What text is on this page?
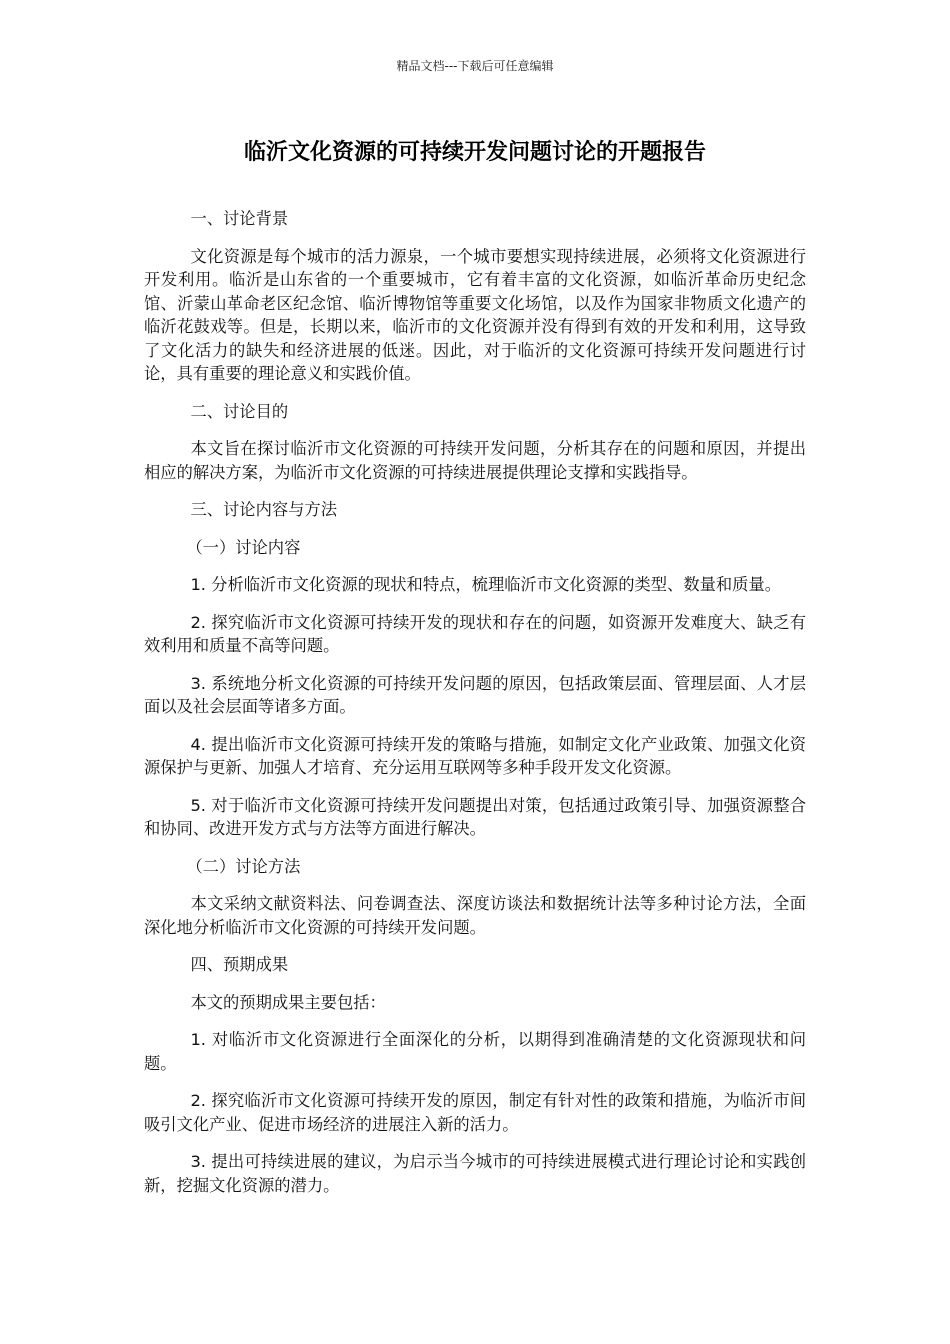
精品文档---下载后可任意编辑
临沂文化资源的可持续开发问题讨论的开题报告

一、讨论背景

文化资源是每个城市的活力源泉，一个城市要想实现持续进展，必须将文化资源进行开发利用。临沂是山东省的一个重要城市，它有着丰富的文化资源，如临沂革命历史纪念馆、沂蒙山革命老区纪念馆、临沂博物馆等重要文化场馆，以及作为国家非物质文化遗产的临沂花鼓戏等。但是，长期以来，临沂市的文化资源并没有得到有效的开发和利用，这导致了文化活力的缺失和经济进展的低迷。因此，对于临沂的文化资源可持续开发问题进行讨论，具有重要的理论意义和实践价值。

二、讨论目的

本文旨在探讨临沂市文化资源的可持续开发问题，分析其存在的问题和原因，并提出相应的解决方案，为临沂市文化资源的可持续进展提供理论支撑和实践指导。

三、讨论内容与方法

（一）讨论内容

1. 分析临沂市文化资源的现状和特点，梳理临沂市文化资源的类型、数量和质量。

2. 探究临沂市文化资源可持续开发的现状和存在的问题，如资源开发难度大、缺乏有效利用和质量不高等问题。

3. 系统地分析文化资源的可持续开发问题的原因，包括政策层面、管理层面、人才层面以及社会层面等诸多方面。

4. 提出临沂市文化资源可持续开发的策略与措施，如制定文化产业政策、加强文化资源保护与更新、加强人才培育、充分运用互联网等多种手段开发文化资源。

5. 对于临沂市文化资源可持续开发问题提出对策，包括通过政策引导、加强资源整合和协同、改进开发方式与方法等方面进行解决。

（二）讨论方法

本文采纳文献资料法、问卷调查法、深度访谈法和数据统计法等多种讨论方法，全面深化地分析临沂市文化资源的可持续开发问题。

四、预期成果

本文的预期成果主要包括：

1. 对临沂市文化资源进行全面深化的分析，以期得到准确清楚的文化资源现状和问题。

2. 探究临沂市文化资源可持续开发的原因，制定有针对性的政策和措施，为临沂市间吸引文化产业、促进市场经济的进展注入新的活力。

3. 提出可持续进展的建议，为启示当今城市的可持续进展模式进行理论讨论和实践创新，挖掘文化资源的潜力。
